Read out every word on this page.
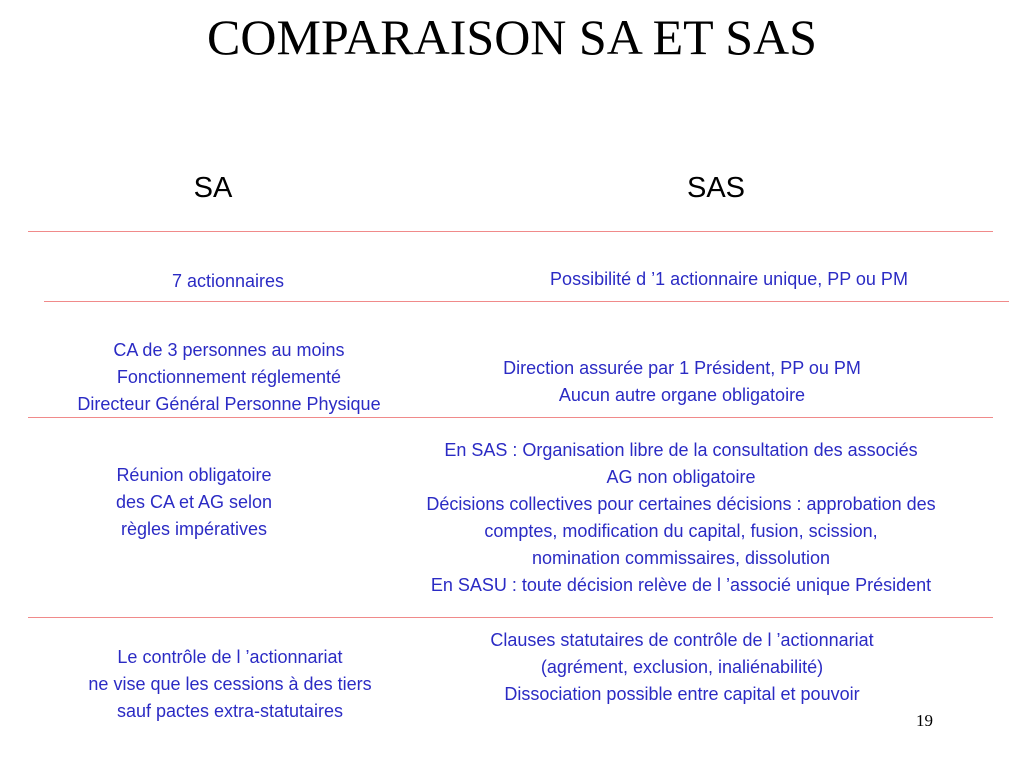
COMPARAISON SA ET SAS
SA	SAS
7 actionnaires	Possibilité d ’1 actionnaire unique, PP ou PM
CA de 3 personnes au moins
Fonctionnement réglementé
Directeur Général Personne Physique
Direction assurée par 1 Président, PP ou PM
Aucun autre organe obligatoire
Réunion obligatoire
des CA et AG selon
règles impératives
En SAS : Organisation libre de la consultation des associés
AG non obligatoire
Décisions collectives pour certaines décisions : approbation des
comptes, modification du capital, fusion, scission,
nomination commissaires, dissolution
En SASU : toute décision relève de l ’associé unique Président
Le contrôle de l ’actionnariat
ne vise que les cessions à des tiers
sauf pactes extra-statutaires
Clauses statutaires de contrôle de l ’actionnariat
(agrément, exclusion, inaliénabilité)
Dissociation possible entre capital et pouvoir
19
